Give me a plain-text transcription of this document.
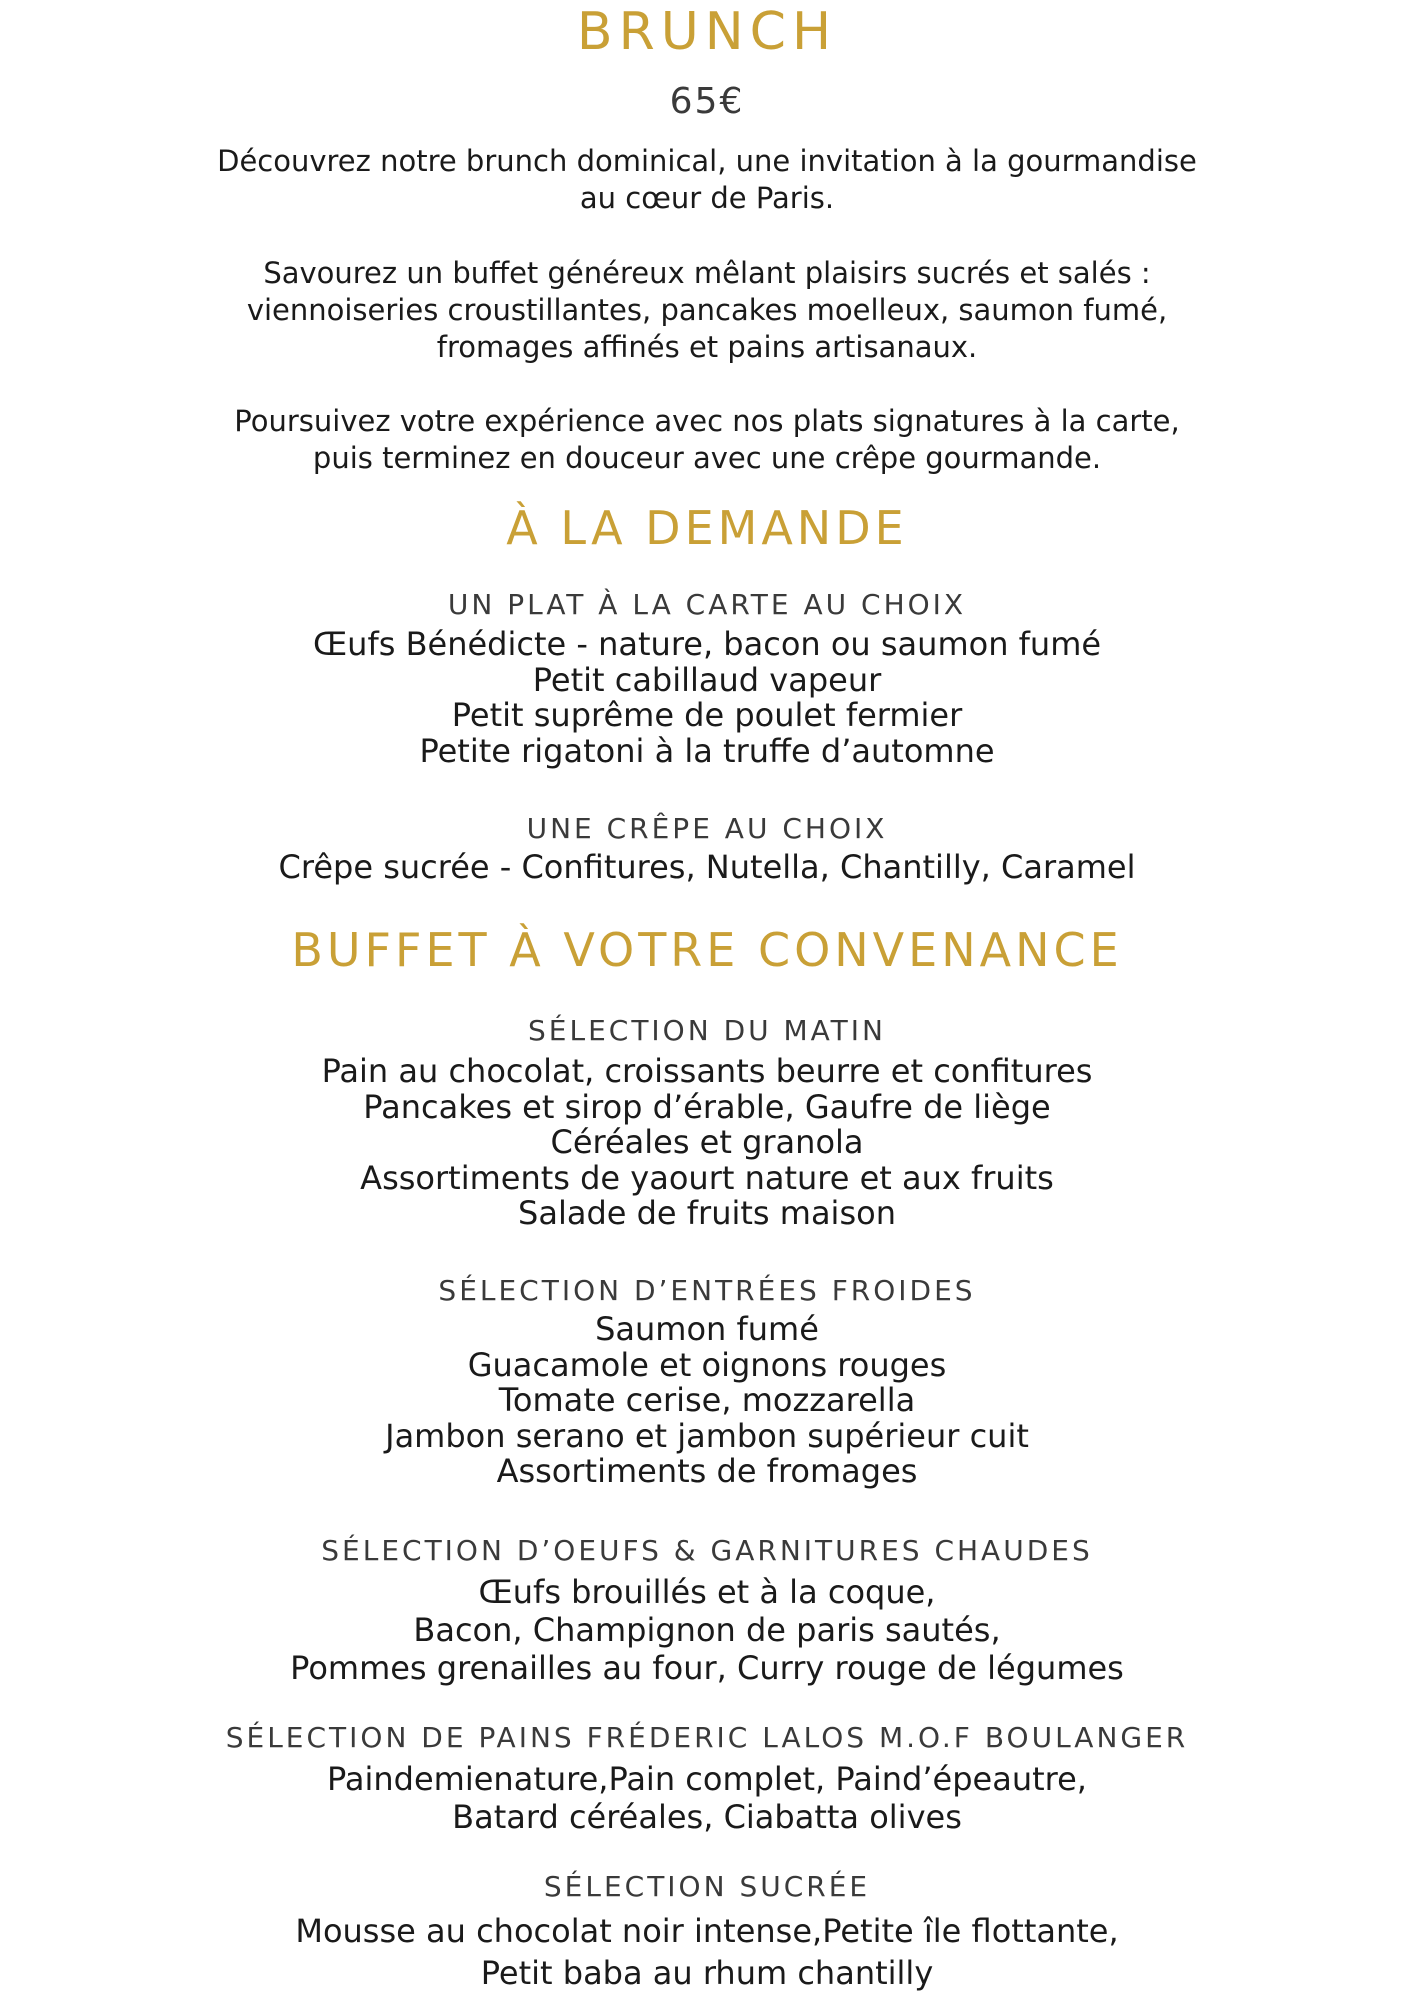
BRUNCH
65€
Découvrez notre brunch dominical, une invitation à la gourmandise
au cœur de Paris.
Savourez un buffet généreux mêlant plaisirs sucrés et salés :
viennoiseries croustillantes, pancakes moelleux, saumon fumé,
fromages affinés et pains artisanaux.
Poursuivez votre expérience avec nos plats signatures à la carte,
puis terminez en douceur avec une crêpe gourmande.
À LA DEMANDE
UN PLAT À LA CARTE AU CHOIX
Œufs Bénédicte - nature, bacon ou saumon fumé
Petit cabillaud vapeur
Petit suprême de poulet fermier
Petite rigatoni à la truffe d’automne
UNE CRÊPE AU CHOIX
Crêpe sucrée - Confitures, Nutella, Chantilly, Caramel
BUFFET À VOTRE CONVENANCE
SÉLECTION DU MATIN
Pain au chocolat, croissants beurre et confitures
Pancakes et sirop d’érable, Gaufre de liège
Céréales et granola
Assortiments de yaourt nature et aux fruits
Salade de fruits maison
SÉLECTION D’ENTRÉES FROIDES
Saumon fumé
Guacamole et oignons rouges
Tomate cerise, mozzarella
Jambon serano et jambon supérieur cuit
Assortiments de fromages
SÉLECTION D’OEUFS & GARNITURES CHAUDES
Œufs brouillés et à la coque,
Bacon, Champignon de paris sautés,
Pommes grenailles au four, Curry rouge de légumes
SÉLECTION DE PAINS FRÉDERIC LALOS M.O.F BOULANGER
Paindemienature,Pain complet, Paind’épeautre,
Batard céréales, Ciabatta olives
SÉLECTION SUCRÉE
Mousse au chocolat noir intense,Petite île flottante,
Petit baba au rhum chantilly
